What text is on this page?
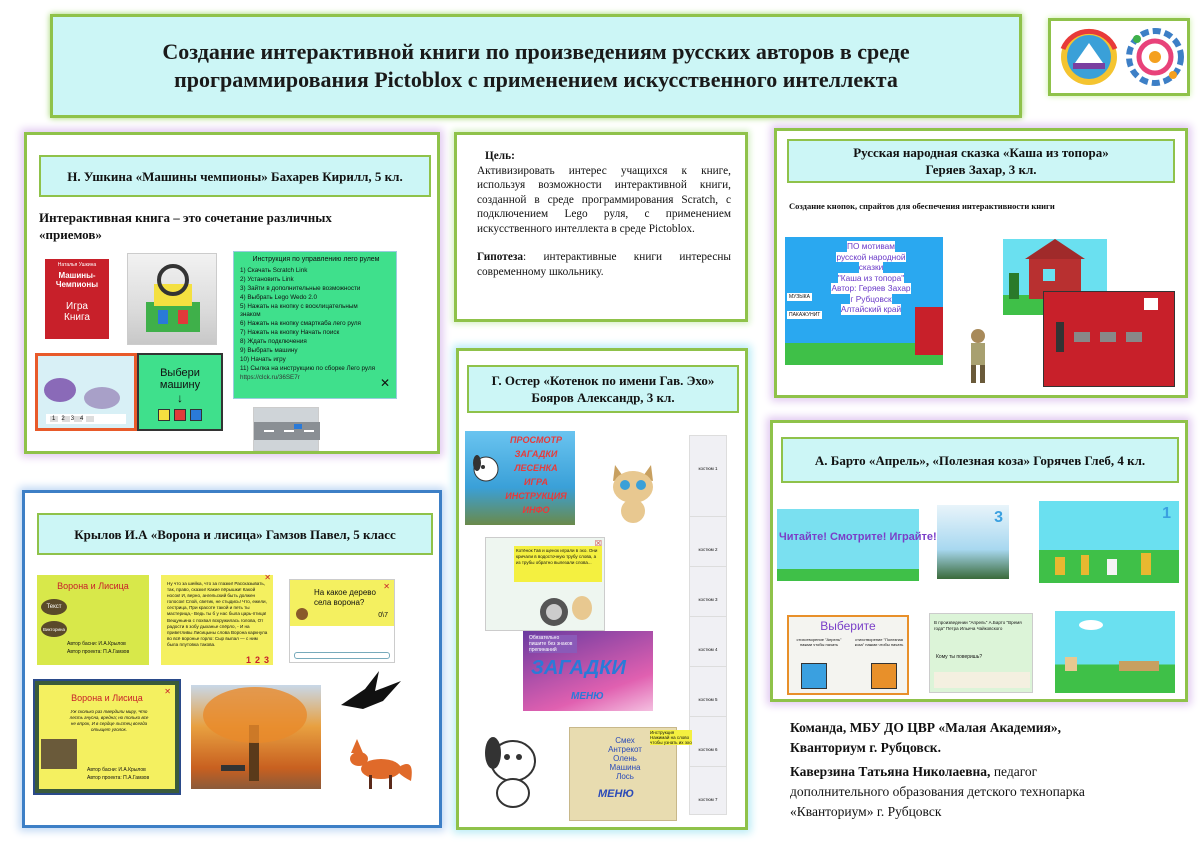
Создание интерактивной книги по произведениям русских авторов в среде
программирования Pictoblox с применением искусственного интеллекта
Н. Ушкина «Машины чемпионы» Бахарев Кирилл, 5 кл.
Интерактивная книга – это сочетание различных
«приемов»
Наталья Ушкина
Машины-
Чемпионы
Игра
Книга
Инструкция по управлению лего рулем
1) Скачать Scratch Link
2) Установить Link
3) Зайти в дополнительные возможности
4) Выбрать Lego Wedo 2.0
5) Нажать на кнопку с восклицательным
знаком
6) Нажать на кнопку смарткаба лего руля
7) Нажать на кнопку Начать поиск
8) Ждать подключения
9) Выбрать машину
10) Начать игру
11) Сылка на инструкцию по сборке Лего руля
https://clck.ru/36SE7r	✕
1 2 3 4
Выбери машину
↓
Цель:
Активизировать интерес учащихся к книге, используя возможности интерактивной книги, созданной в среде программирования Scratch, с подключением Lego руля, с применением искусственного интеллекта в среде Pictoblox.
Гипотеза: интерактивные книги интересны современному школьнику.
Русская народная сказка «Каша из топора»
Геряев Захар, 3 кл.
Создание кнопок, спрайтов для обеспечения интерактивности книги
ПО мотивам
русской народной
сказки
"Каша из топора"
Автор: Геряев Захар
г Рубцовск
Алтайский край
МУЗЫКА
ПАКАЖУНИТ
Г. Остер «Котенок по имени Гав. Эхо»
Бояров Александр, 3 кл.
ПРОСМОТР
ЗАГАДКИ
ЛЕСЕНКА
ИГРА
ИНСТРУКЦИЯ
ИНФО
костюм 1
костюм 2
костюм 3
костюм 4
костюм 5
костюм 6
костюм 7
Котёнок Гав и щенок играли в эхо. Они кричали в водосточную трубу слова, а из трубы обратно вылезали слова...
☒
Обязательно пишите без знаков препинаний
ЗАГАДКИ
МЕНЮ
Смех
Антрекот
Олень
Машина
Лось
МЕНЮ
Инструкция Нажимай на слово чтобы узнать их эхо
А. Барто «Апрель», «Полезная коза» Горячев Глеб, 4 кл.
Читайте! Смотрите! Играйте!
3	1
Выберите
стихотворение "Апрель" нажми чтобы начать
стихотворение "Полезная коза" нажми чтобы начать
В произведении "Апрель" А.Барто "Время года" Петра Ильича Чайковского
Кому ты поверишь?
Крылов И.А «Ворона и лисица» Гамзов Павел, 5 класс
Ворона и Лисица
Текст
Викторина
Автор басни: И.А.Крылов
Автор проекта: П.А.Гамзов
✕
Ну что за шейка, что за глазки! Рассказывать, так, право, сказки! Какие пёрышки! Какой носок! И, верно, ангельский быть должен голосок! Спой, светик, не стыдись! Что, ежели, сестрица, При красоте такой и петь ты мастерица,- Ведь ты б у нас была царь-птица! Вещуньина с похвал вскружилась голова, От радости в зобу дыханье спёрло, - И на приветливы Лисицыны слова Ворона каркнула во всё воронье горло: Сыр выпал — с ним была плутовка такова.
1 2 3
✕
На какое дерево
села ворона?
0\7
Ворона и Лисица
✕
Уж сколько раз твердили миру, Что лесть гнусна, вредна; но только все не впрок, И в сердце льстец всегда отыщет уголок.
Автор басни: И.А.Крылов
Автор проекта: П.А.Гамзов
Команда, МБУ ДО ЦВР «Малая Академия»,
Кванториум г. Рубцовск.
Каверзина Татьяна Николаевна, педагог
дополнительного образования детского технопарка
«Кванториум» г. Рубцовск
